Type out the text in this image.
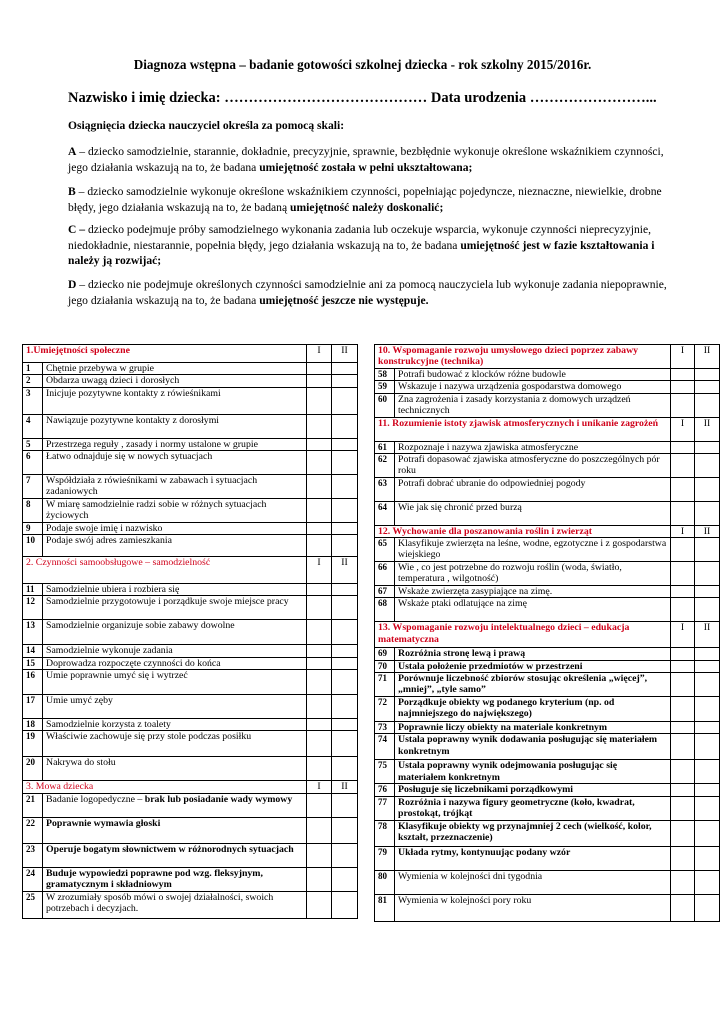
Diagnoza wstępna – badanie gotowości szkolnej dziecka - rok szkolny 2015/2016r.
Nazwisko i imię dziecka: …………………………………… Data urodzenia ……………………...
Osiągnięcia dziecka nauczyciel określa za pomocą skali:
A – dziecko samodzielnie, starannie, dokładnie, precyzyjnie, sprawnie, bezbłędnie wykonuje określone wskaźnikiem czynności, jego działania wskazują na to, że badana umiejętność została w pełni ukształtowana;
B – dziecko samodzielnie wykonuje określone wskaźnikiem czynności, popełniając pojedyncze, nieznaczne, niewielkie, drobne błędy, jego działania wskazują na to, że badaną umiejętność należy doskonalić;
C – dziecko podejmuje próby samodzielnego wykonania zadania lub oczekuje wsparcia, wykonuje czynności nieprecyzyjnie, niedokładnie, niestarannie, popełnia błędy, jego działania wskazują na to, że badana umiejętność jest w fazie kształtowania i należy ją rozwijać;
D – dziecko nie podejmuje określonych czynności samodzielnie ani za pomocą nauczyciela lub wykonuje zadania niepoprawnie, jego działania wskazują na to, że badana umiejętność jeszcze nie występuje.
1.Umiejętności społeczne		I	II
1	Chętnie przebywa w grupie		
2	Obdarza uwagą dzieci i dorosłych		
3	Inicjuje pozytywne kontakty z rówieśnikami		
4	Nawiązuje pozytywne kontakty z dorosłymi		
5	Przestrzega reguły , zasady i normy ustalone w grupie		
6	Łatwo odnajduje się w nowych sytuacjach		
7	Współdziała z rówieśnikami w zabawach i sytuacjach zadaniowych		
8	W miarę samodzielnie radzi sobie w różnych sytuacjach życiowych		
9	Podaje swoje imię i nazwisko		
10	Podaje swój adres zamieszkania		
2. Czynności samoobsługowe – samodzielność		I	II
11	Samodzielnie ubiera i rozbiera się		
12	Samodzielnie przygotowuje i porządkuje swoje miejsce pracy		
13	Samodzielnie organizuje sobie zabawy dowolne		
14	Samodzielnie wykonuje zadania		
15	Doprowadza rozpoczęte czynności do końca		
16	Umie poprawnie umyć się i wytrzeć		
17	Umie umyć zęby		
18	Samodzielnie korzysta z toalety		
19	Właściwie zachowuje się przy stole podczas posiłku		
20	Nakrywa do stołu		
3. Mowa dziecka		I	II
21	Badanie logopedyczne – brak lub posiadanie wady wymowy		
22	Poprawnie wymawia głoski		
23	Operuje bogatym słownictwem w różnorodnych sytuacjach		
24	Buduje wypowiedzi poprawne pod wzg. fleksyjnym, gramatycznym i składniowym		
25	W zrozumiały sposób mówi o swojej działalności, swoich potrzebach i decyzjach.		
10. Wspomaganie rozwoju umysłowego dzieci poprzez zabawy konstrukcyjne (technika)		I	II
58	Potrafi budować z klocków różne budowle		
59	Wskazuje i nazywa urządzenia gospodarstwa domowego		
60	Zna zagrożenia i zasady korzystania z domowych urządzeń technicznych		
11. Rozumienie istoty zjawisk atmosferycznych i unikanie zagrożeń		I	II
61	Rozpoznaje i nazywa zjawiska atmosferyczne		
62	Potrafi dopasować zjawiska atmosferyczne do poszczególnych pór roku		
63	Potrafi dobrać ubranie do odpowiedniej pogody		
64	Wie jak się chronić przed burzą		
12. Wychowanie dla poszanowania roślin i zwierząt		I	II
65	Klasyfikuje zwierzęta na leśne, wodne, egzotyczne i z gospodarstwa wiejskiego		
66	Wie , co jest potrzebne do rozwoju roślin (woda, światło, temperatura , wilgotność)		
67	Wskaże zwierzęta zasypiające na zimę.		
68	Wskaże ptaki odlatujące na zimę		
13. Wspomaganie rozwoju intelektualnego dzieci – edukacja matematyczna		I	II
69	Rozróżnia stronę lewą i prawą		
70	Ustala położenie przedmiotów w przestrzeni		
71	Porównuje liczebność zbiorów stosując określenia „więcej”, „mniej”, „tyle samo”		
72	Porządkuje obiekty wg podanego kryterium (np. od najmniejszego do największego)		
73	Poprawnie liczy obiekty na materiale konkretnym		
74	Ustala poprawny wynik dodawania posługując się materiałem konkretnym		
75	Ustala poprawny wynik odejmowania posługując się materiałem konkretnym		
76	Posługuje się liczebnikami porządkowymi		
77	Rozróżnia i nazywa figury geometryczne (koło, kwadrat, prostokąt, trójkąt		
78	Klasyfikuje obiekty wg przynajmniej 2 cech (wielkość, kolor, kształt, przeznaczenie)		
79	Układa rytmy, kontynuując podany wzór		
80	Wymienia w kolejności dni tygodnia		
81	Wymienia w kolejności pory roku		
